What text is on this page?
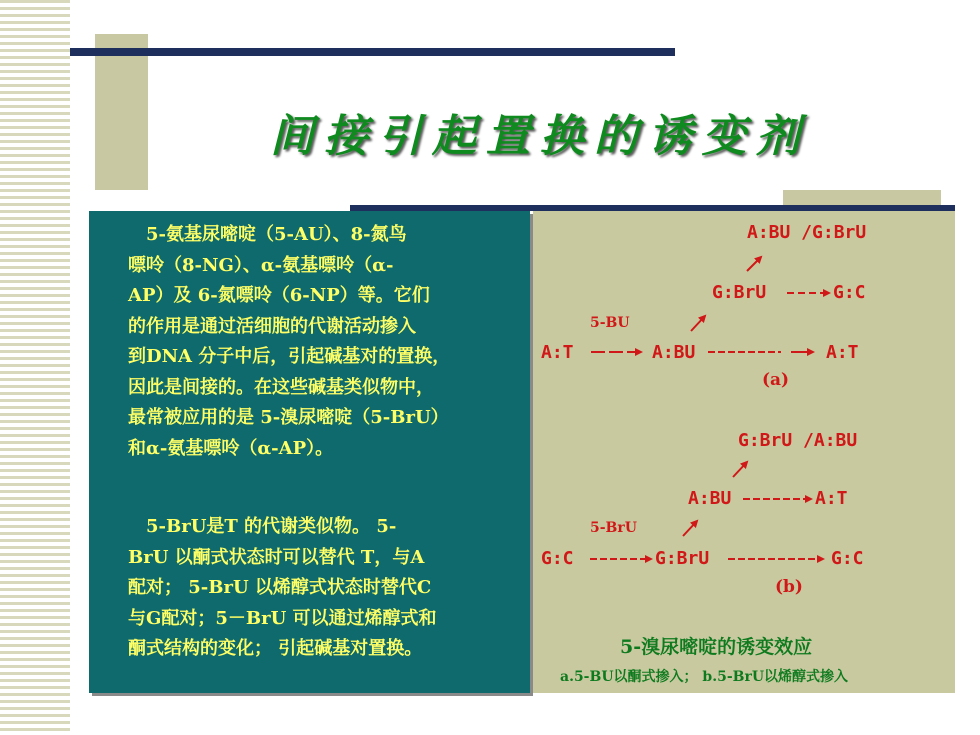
间接引起置换的诱变剂
　5-氨基尿嘧啶（5-AU）、8-氮鸟
嘌呤（8-NG）、α-氨基嘌呤（α-
AP）及 6-氮嘌呤（6-NP）等。它们
的作用是通过活细胞的代谢活动掺入
到DNA 分子中后，引起碱基对的置换，
因此是间接的。在这些碱基类似物中，
最常被应用的是 5-溴尿嘧啶（5-BrU）
和α-氨基嘌呤（α-AP）。
　5-BrU是T 的代谢类似物。 5-
BrU 以酮式状态时可以替代 T，与A
配对； 5-BrU 以烯醇式状态时替代C
与G配对；5－BrU 可以通过烯醇式和
酮式结构的变化； 引起碱基对置换。
A:BU /G:BrU
G:BrU	G:C
5-BU
A:T	A:BU	A:T
(a)
G:BrU /A:BU
A:BU	A:T
5-BrU
G:C	G:BrU	G:C
(b)
5-溴尿嘧啶的诱变效应
a.5-BU以酮式掺入； b.5-BrU以烯醇式掺入
